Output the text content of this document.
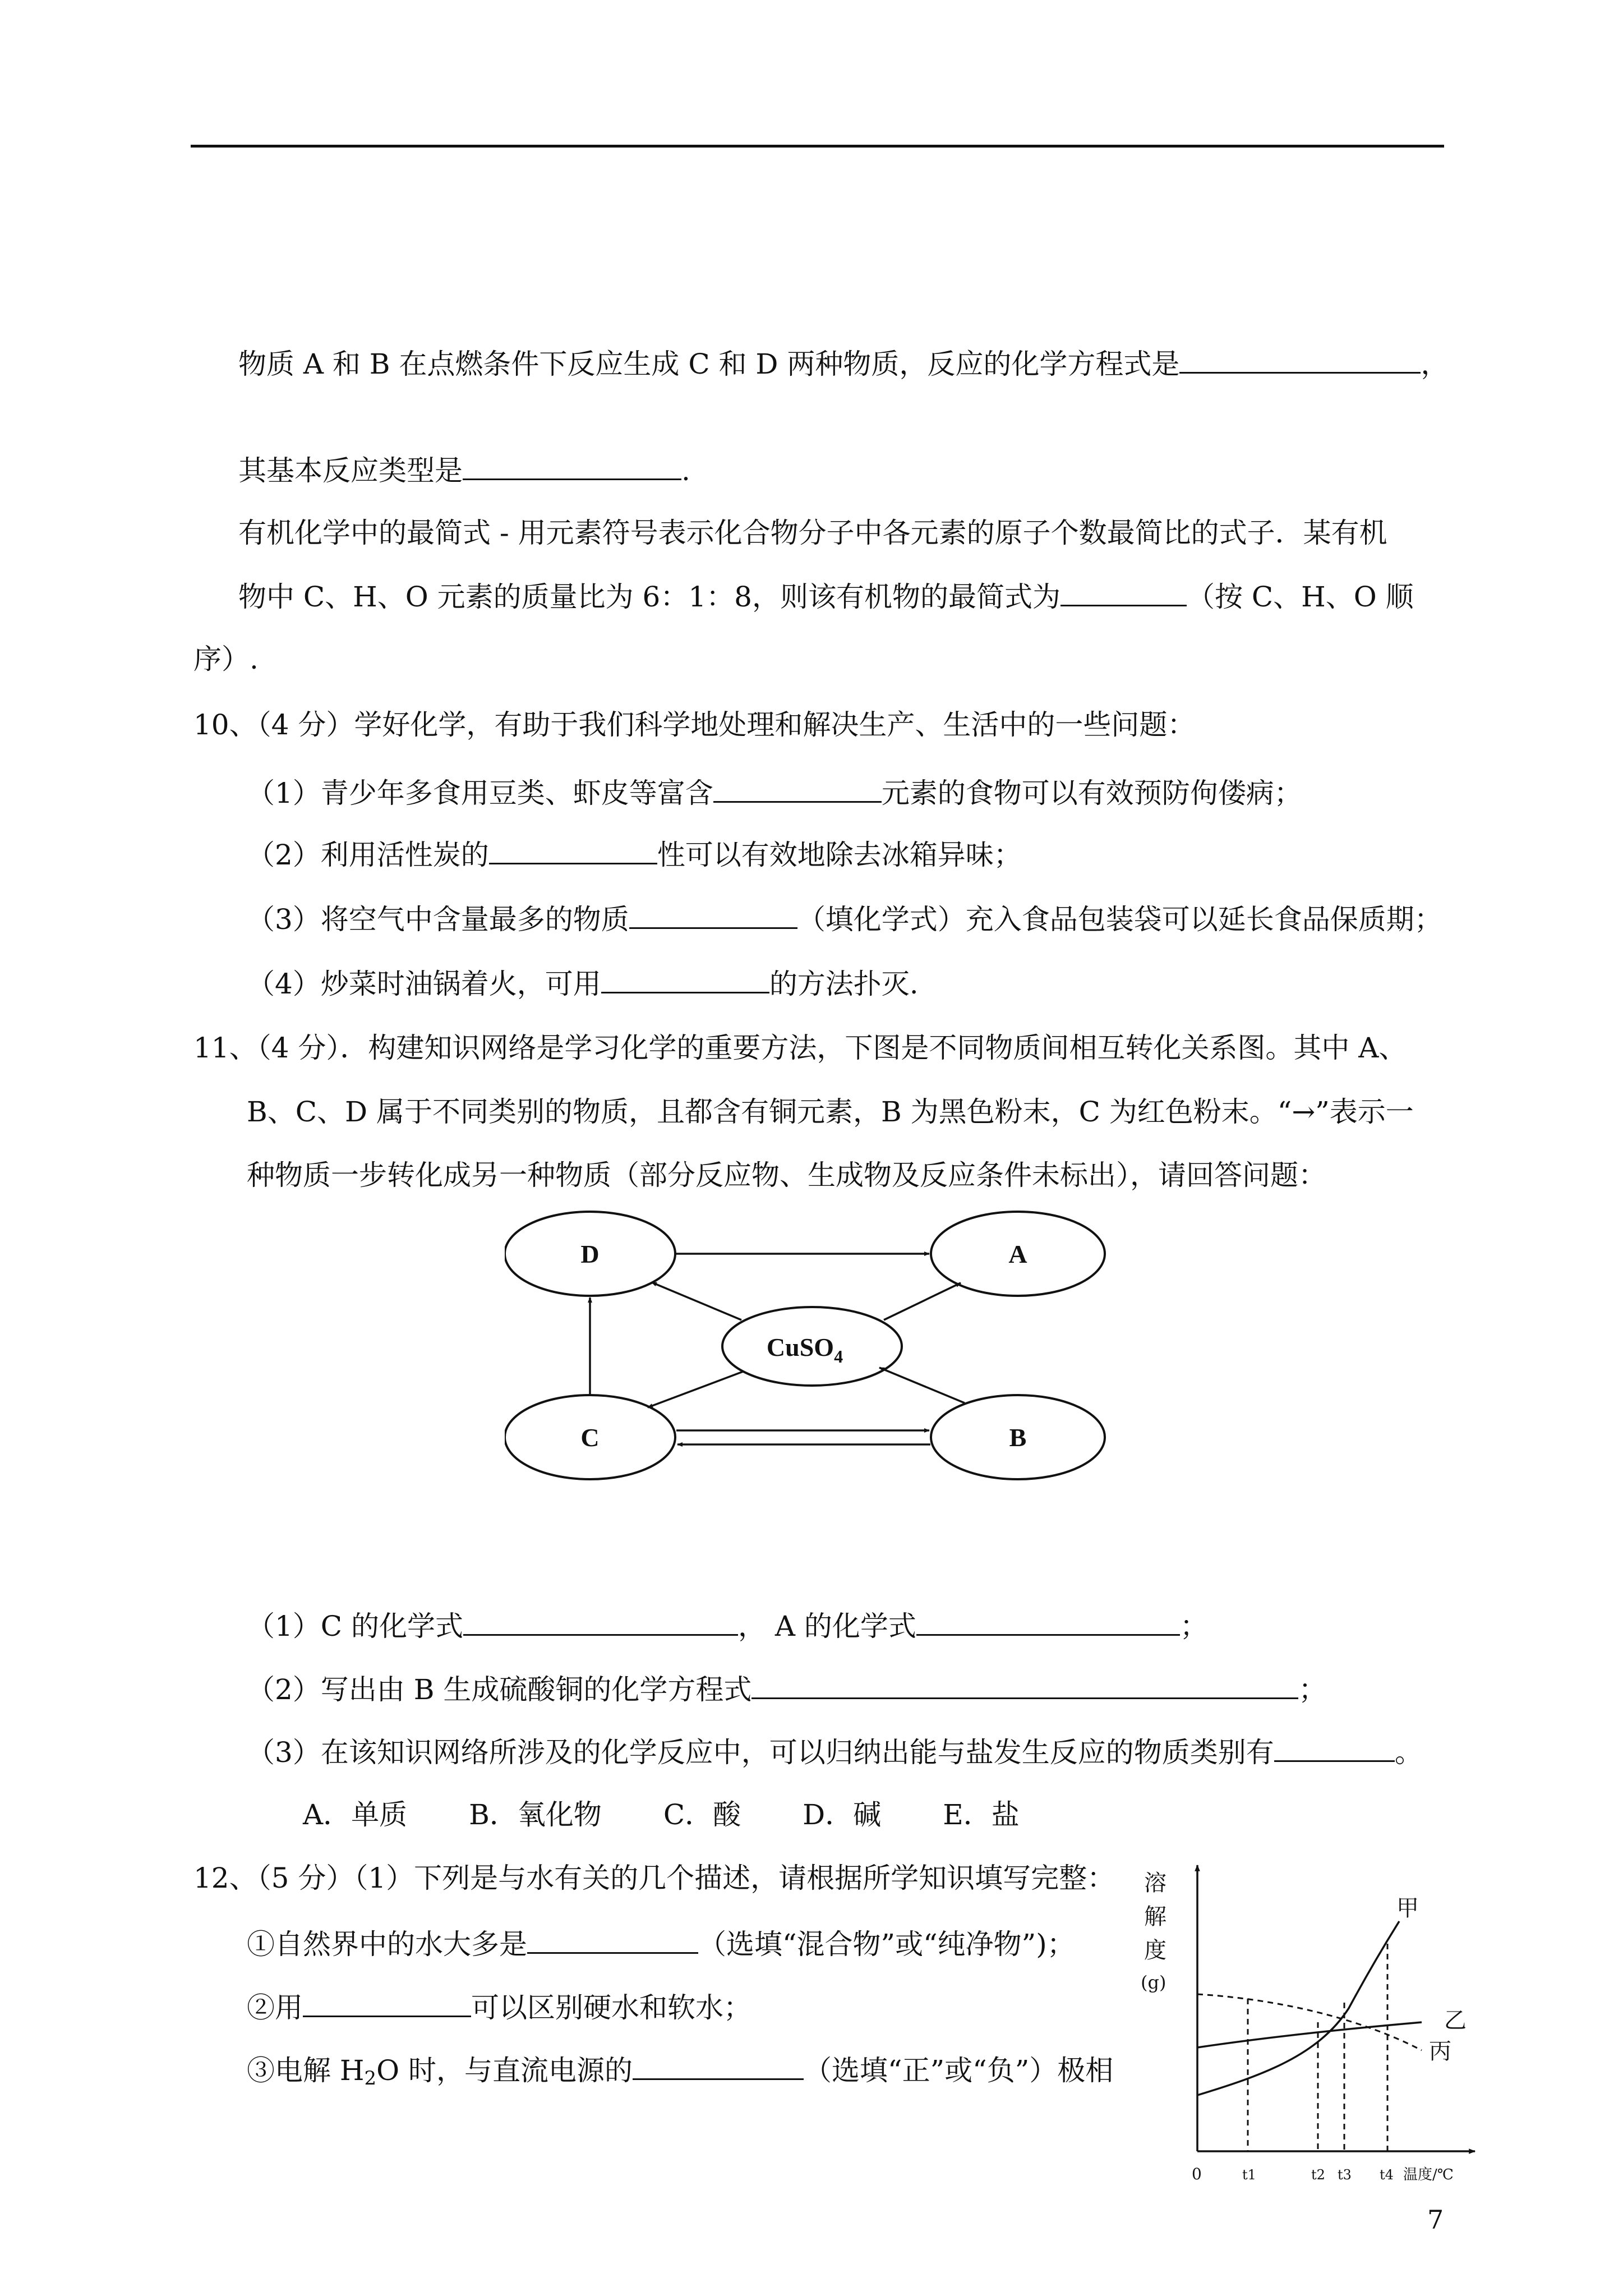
物质 A 和 B 在点燃条件下反应生成 C 和 D 两种物质，反应的化学方程式是	，
其基本反应类型是	.
有机化学中的最简式 - 用元素符号表示化合物分子中各元素的原子个数最简比的式子．某有机
物中 C、H、O 元素的质量比为 6：1：8，则该有机物的最简式为	（按 C、H、O 顺
序）.
10、（4 分）学好化学，有助于我们科学地处理和解决生产、生活中的一些问题：
（1）青少年多食用豆类、虾皮等富含	元素的食物可以有效预防佝偻病；
（2）利用活性炭的	性可以有效地除去冰箱异味；
（3）将空气中含量最多的物质	（填化学式）充入食品包装袋可以延长食品保质期；
（4）炒菜时油锅着火，可用	的方法扑灭.
11、（4 分）．构建知识网络是学习化学的重要方法，下图是不同物质间相互转化关系图。其中 A、
B、C、D 属于不同类别的物质，且都含有铜元素，B 为黑色粉末，C 为红色粉末。“→”表示一
种物质一步转化成另一种物质（部分反应物、生成物及反应条件未标出），请回答问题：
D	A
C	B
CuSO$_4$
（1）C 的化学式	， A 的化学式	；
（2）写出由 B 生成硫酸铜的化学方程式	；
（3）在该知识网络所涉及的化学反应中，可以归纳出能与盐发生反应的物质类别有	。
A．单质 B．氧化物 C．酸 D．碱 E．盐
12、（5 分）（1）下列是与水有关的几个描述，请根据所学知识填写完整：
①自然界中的水大多是	（选填“混合物”或“纯净物”)；
②用	可以区别硬水和软水；
③电解 H2O 时，与直流电源的	（选填“正”或“负”）极相
溶
解
度
(g)
甲
乙
丙
0	t1	t2 t3 t4 温度/℃
7
